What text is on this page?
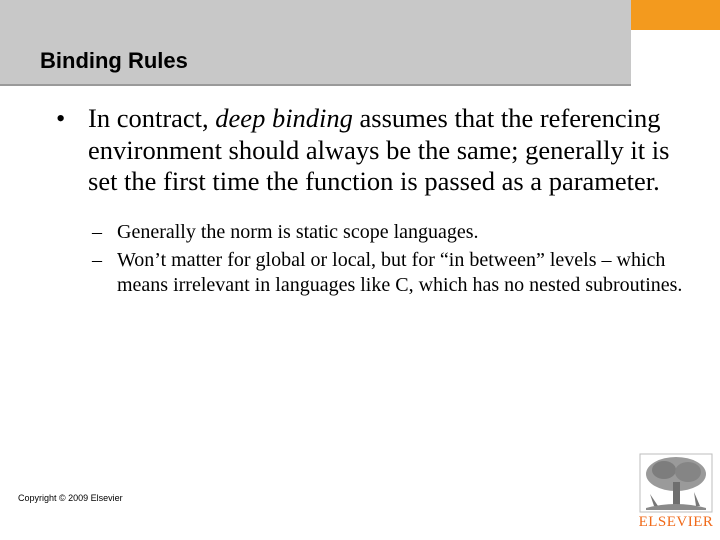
Binding Rules
• In contract, deep binding assumes that the referencing environment should always be the same; generally it is set the first time the function is passed as a parameter.
– Generally the norm is static scope languages.
– Won’t matter for global or local, but for “in between” levels – which means irrelevant in languages like C, which has no nested subroutines.
Copyright © 2009 Elsevier
ELSEVIER
